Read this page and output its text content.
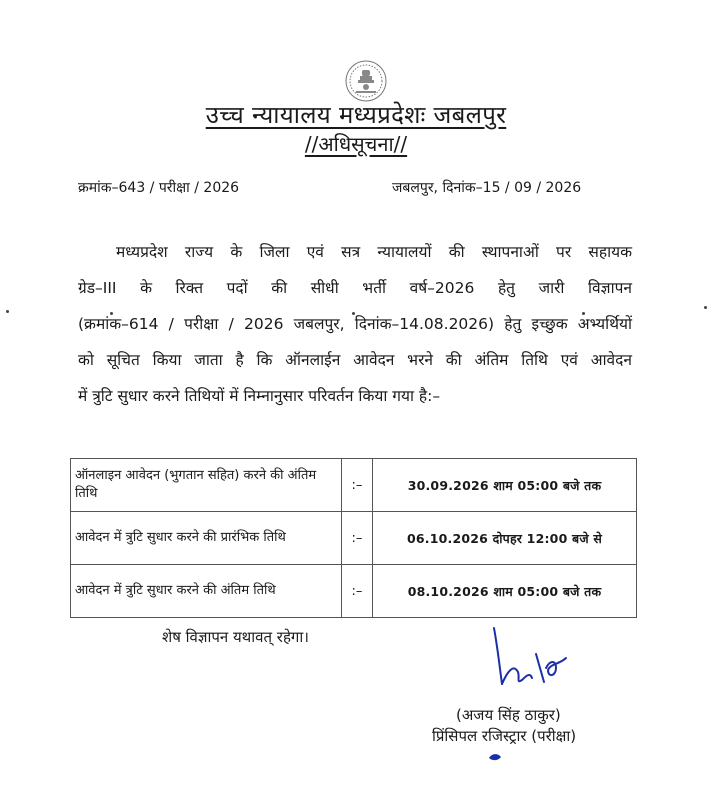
उच्च न्यायालय मध्यप्रदेशः जबलपुर
//अधिसूचना//
क्रमांक–643 / परीक्षा / 2026	जबलपुर, दिनांक–15 / 09 / 2026
मध्यप्रदेश राज्य के जिला एवं सत्र न्यायालयों की स्थापनाओं पर सहायक
ग्रेड–III के रिक्त पदों की सीधी भर्ती वर्ष–2026 हेतु जारी विज्ञापन
(क्रमांक–614 / परीक्षा / 2026 जबलपुर, दिनांक–14.08.2026) हेतु इच्छुक अभ्यर्थियों
को सूचित किया जाता है कि ऑनलाईन आवेदन भरने की अंतिम तिथि एवं आवेदन
में त्रुटि सुधार करने तिथियों में निम्नानुसार परिवर्तन किया गया है:–
ऑनलाइन आवेदन (भुगतान सहित) करने की अंतिम तिथि	:–	30.09.2026 शाम 05:00 बजे तक
आवेदन में त्रुटि सुधार करने की प्रारंभिक तिथि	:–	06.10.2026 दोपहर 12:00 बजे से
आवेदन में त्रुटि सुधार करने की अंतिम तिथि	:–	08.10.2026 शाम 05:00 बजे तक
शेष विज्ञापन यथावत् रहेगा।
(अजय सिंह ठाकुर)
प्रिंसिपल रजिस्ट्रार (परीक्षा)
